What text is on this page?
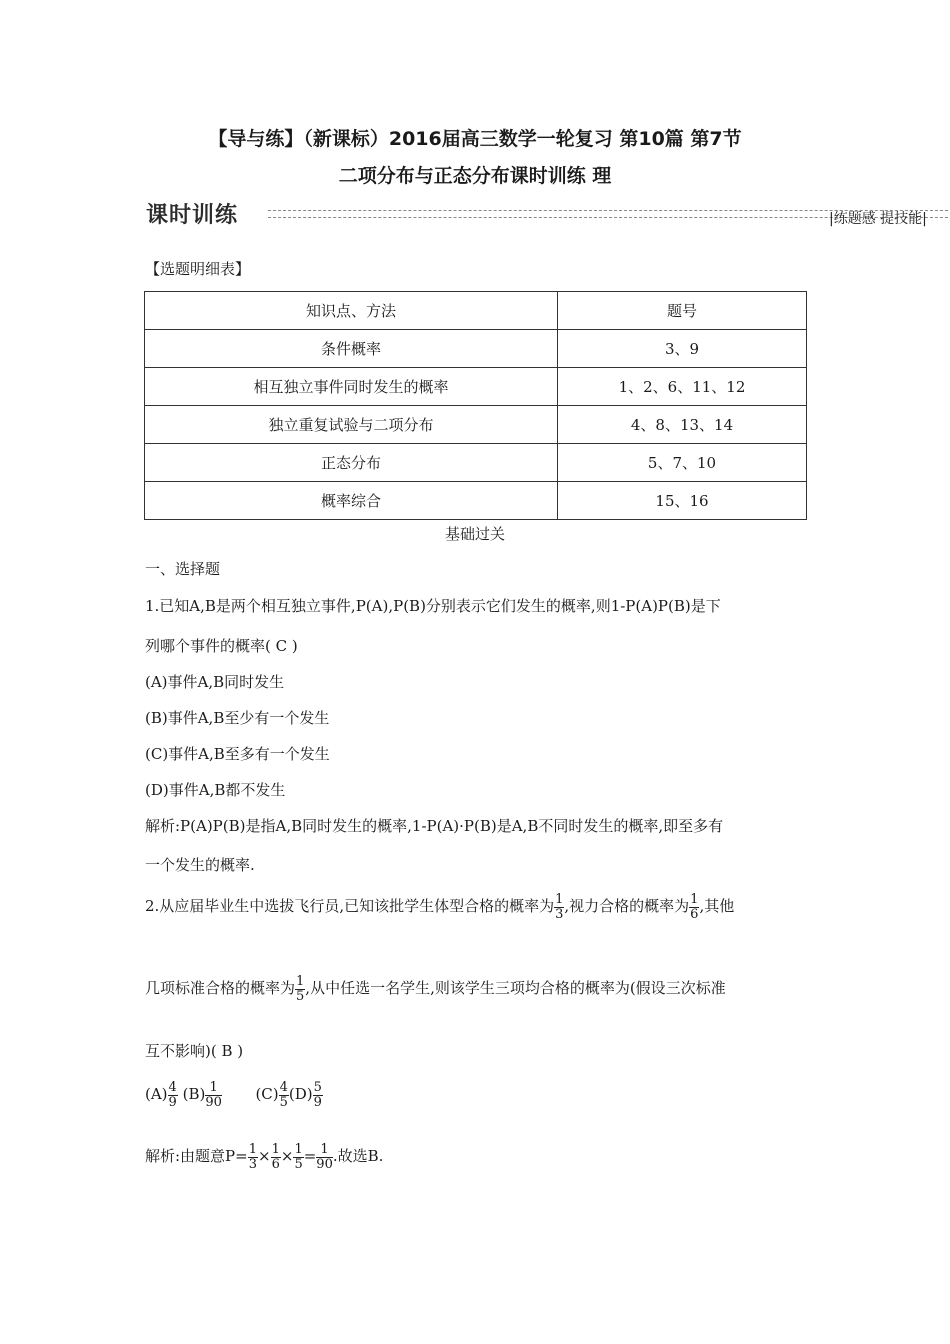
【导与练】（新课标）2016届高三数学一轮复习 第10篇 第7节
二项分布与正态分布课时训练 理
课时训练	|练题感 提技能|
【选题明细表】
知识点、方法	题号
条件概率	3、9
相互独立事件同时发生的概率	1、2、6、11、12
独立重复试验与二项分布	4、8、13、14
正态分布	5、7、10
概率综合	15、16
基础过关
一、选择题
1.已知A,B是两个相互独立事件,P(A),P(B)分别表示它们发生的概率,则1-P(A)P(B)是下
列哪个事件的概率( C )
(A)事件A,B同时发生
(B)事件A,B至少有一个发生
(C)事件A,B至多有一个发生
(D)事件A,B都不发生
解析:P(A)P(B)是指A,B同时发生的概率,1-P(A)·P(B)是A,B不同时发生的概率,即至多有
一个发生的概率.
2.从应届毕业生中选拔飞行员,已知该批学生体型合格的概率为 $\frac{1}{3}$ ,视力合格的概率为 $\frac{1}{6}$ ,其他
几项标准合格的概率为 $\frac{1}{5}$ ,从中任选一名学生,则该学生三项均合格的概率为(假设三次标准
互不影响)( B )
$(A) \frac{4}{9} (B) \frac{1}{90} (C) \frac{4}{5} (D) \frac{5}{9}$
解析:由题意$P= \frac{1}{3} \times \frac{1}{6} \times \frac{1}{5} = \frac{1}{90}$ .故选B.
